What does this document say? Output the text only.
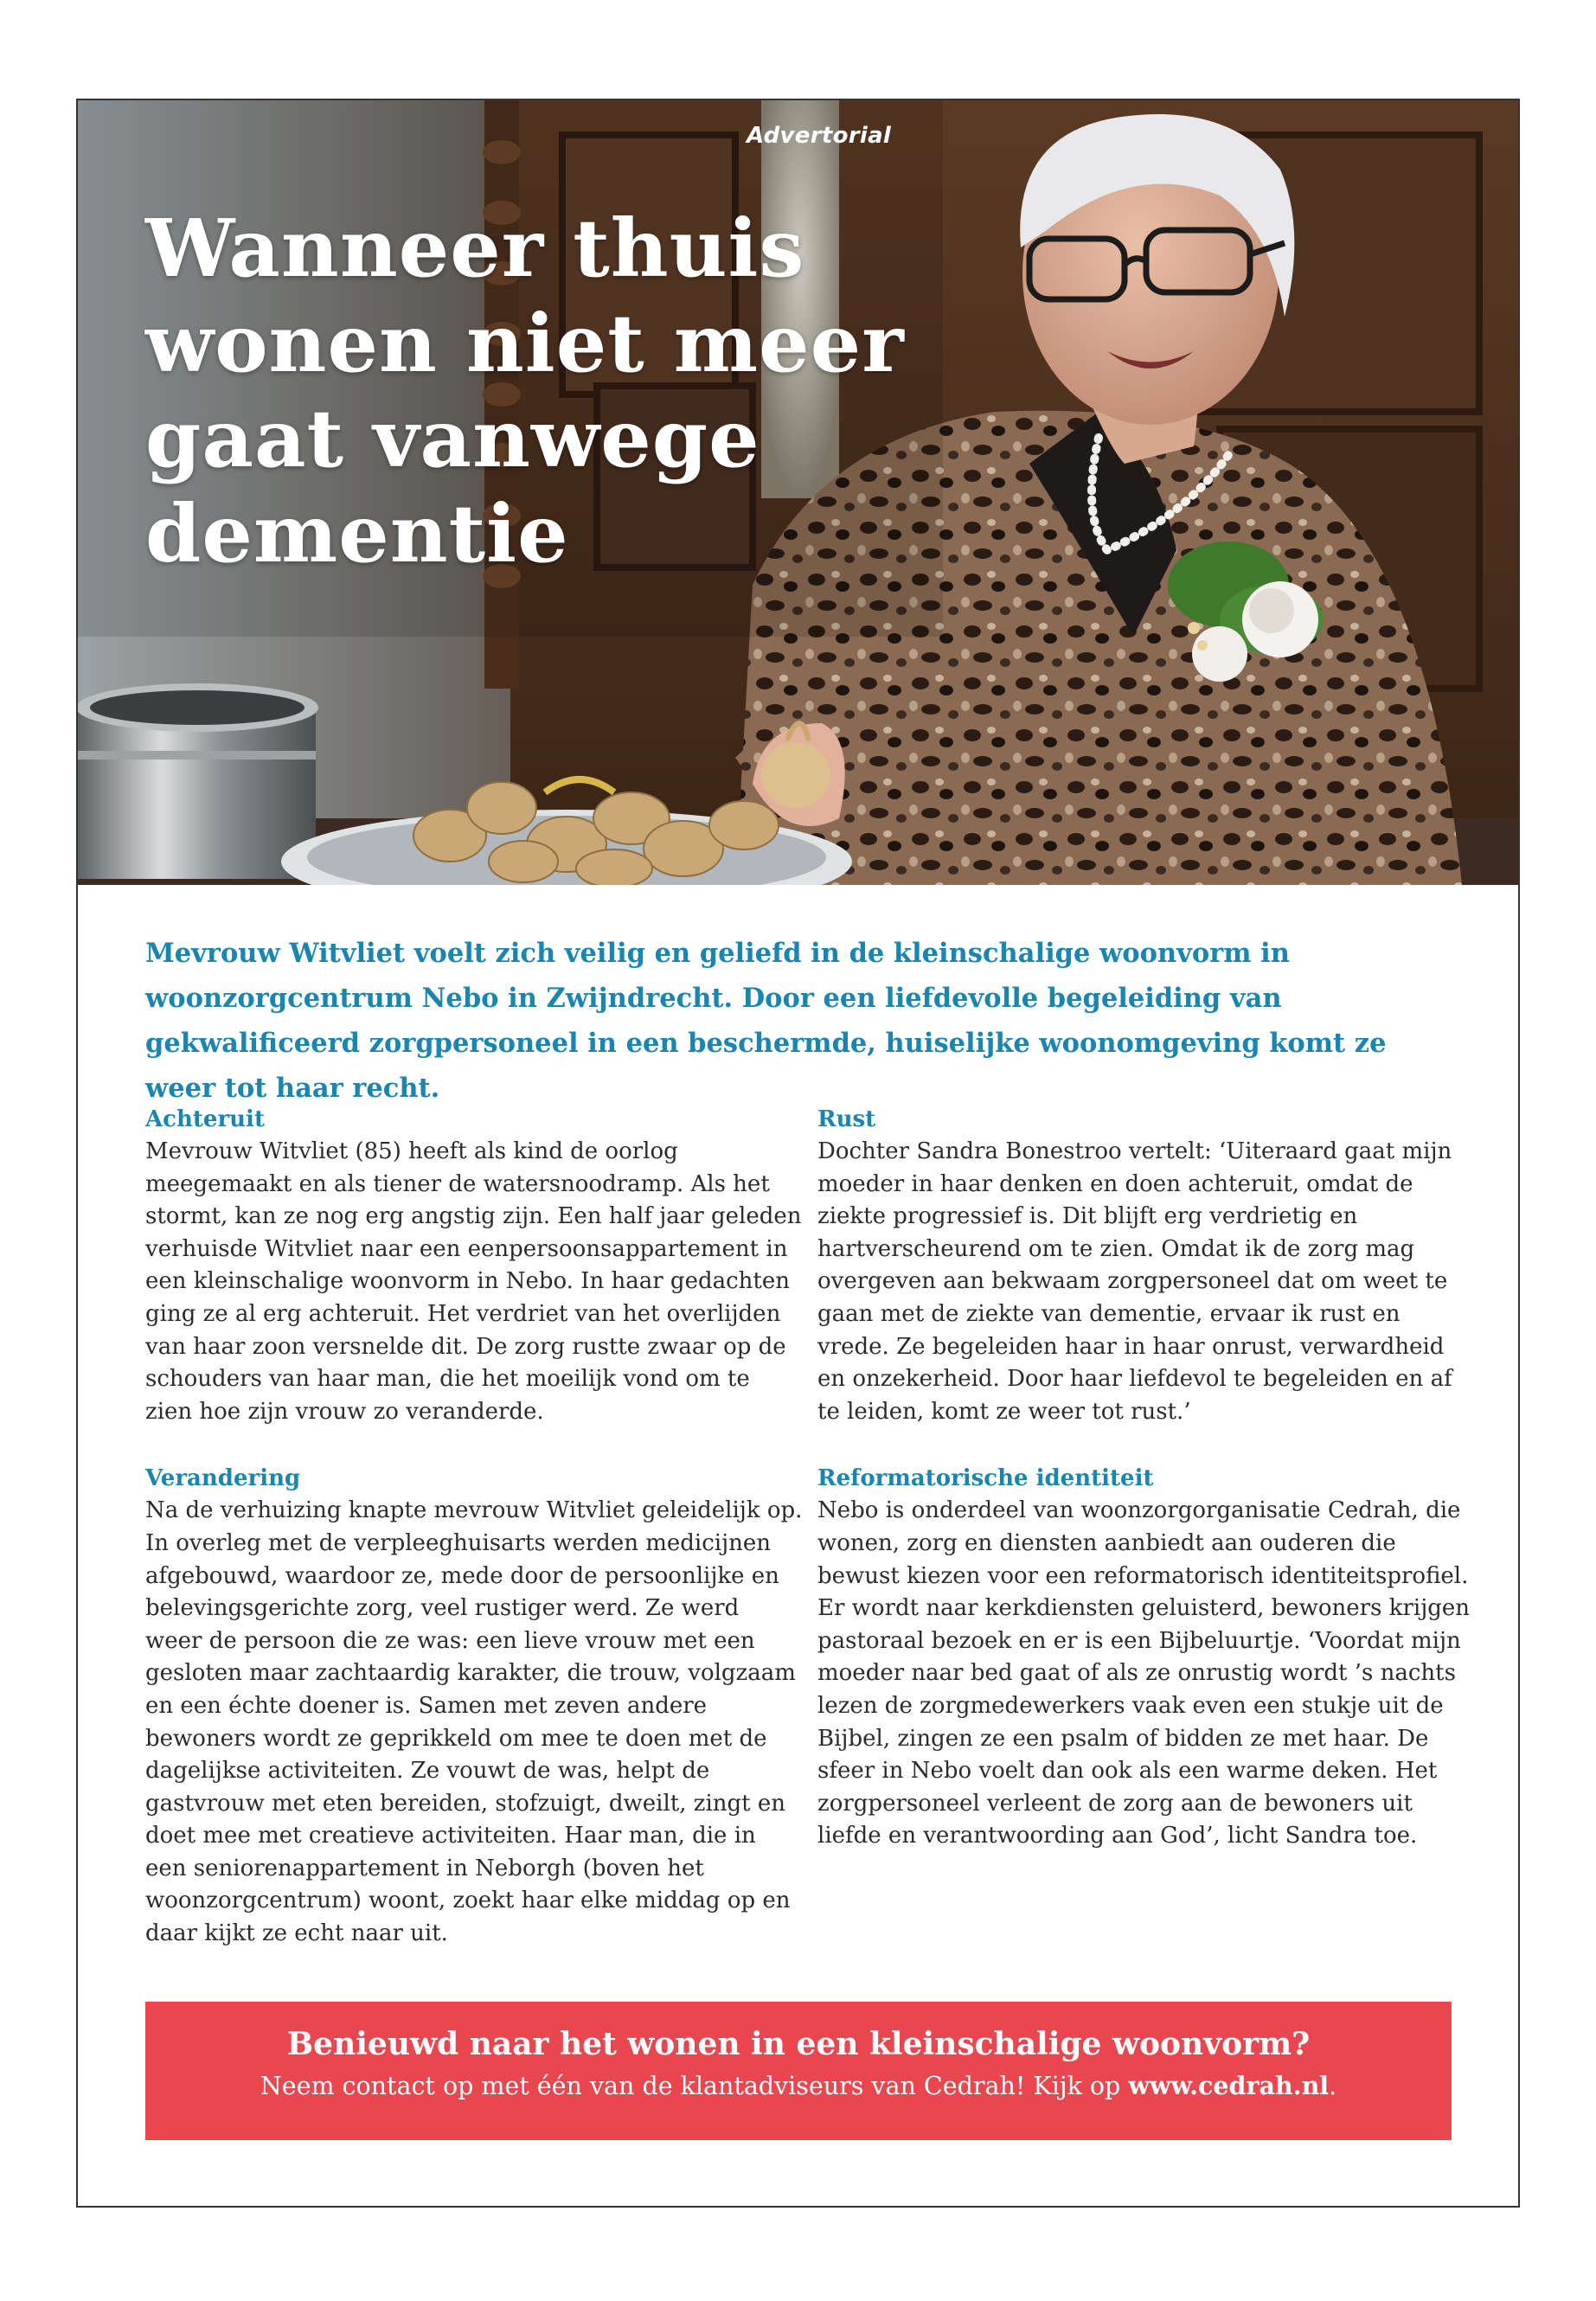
Advertorial
Wanneer thuis wonen niet meer gaat vanwege dementie

Mevrouw Witvliet voelt zich veilig en geliefd in de kleinschalige woonvorm in woonzorgcentrum Nebo in Zwijndrecht. Door een liefdevolle begeleiding van gekwalificeerd zorgpersoneel in een beschermde, huiselijke woonomgeving komt ze weer tot haar recht.

Achteruit

Mevrouw Witvliet (85) heeft als kind de oorlog meegemaakt en als tiener de watersnoodramp. Als het stormt, kan ze nog erg angstig zijn. Een half jaar geleden verhuisde Witvliet naar een eenpersoonsappartement in een kleinschalige woonvorm in Nebo. In haar gedachten ging ze al erg achteruit. Het verdriet van het overlijden van haar zoon versnelde dit. De zorg rustte zwaar op de schouders van haar man, die het moeilijk vond om te zien hoe zijn vrouw zo veranderde.

Verandering

Na de verhuizing knapte mevrouw Witvliet geleidelijk op. In overleg met de verpleeghuisarts werden medicijnen afgebouwd, waardoor ze, mede door de persoonlijke en belevingsgerichte zorg, veel rustiger werd. Ze werd weer de persoon die ze was: een lieve vrouw met een gesloten maar zachtaardig karakter, die trouw, volgzaam en een échte doener is. Samen met zeven andere bewoners wordt ze geprikkeld om mee te doen met de dagelijkse activiteiten. Ze vouwt de was, helpt de gastvrouw met eten bereiden, stofzuigt, dweilt, zingt en doet mee met creatieve activiteiten. Haar man, die in een seniorenappartement in Neborgh (boven het woonzorgcentrum) woont, zoekt haar elke middag op en daar kijkt ze echt naar uit.

Rust

Dochter Sandra Bonestroo vertelt: ‘Uiteraard gaat mijn moeder in haar denken en doen achteruit, omdat de ziekte progressief is. Dit blijft erg verdrietig en hartverscheurend om te zien. Omdat ik de zorg mag overgeven aan bekwaam zorgpersoneel dat om weet te gaan met de ziekte van dementie, ervaar ik rust en vrede. Ze begeleiden haar in haar onrust, verwardheid en onzekerheid. Door haar liefdevol te begeleiden en af te leiden, komt ze weer tot rust.’

Reformatorische identiteit

Nebo is onderdeel van woonzorgorganisatie Cedrah, die wonen, zorg en diensten aanbiedt aan ouderen die bewust kiezen voor een reformatorisch identiteitsprofiel. Er wordt naar kerkdiensten geluisterd, bewoners krijgen pastoraal bezoek en er is een Bijbeluurtje. ‘Voordat mijn moeder naar bed gaat of als ze onrustig wordt ’s nachts lezen de zorgmedewerkers vaak even een stukje uit de Bijbel, zingen ze een psalm of bidden ze met haar. De sfeer in Nebo voelt dan ook als een warme deken. Het zorgpersoneel verleent de zorg aan de bewoners uit liefde en verantwoording aan God’, licht Sandra toe.

Benieuwd naar het wonen in een kleinschalige woonvorm?
Neem contact op met één van de klantadviseurs van Cedrah! Kijk op www.cedrah.nl.
